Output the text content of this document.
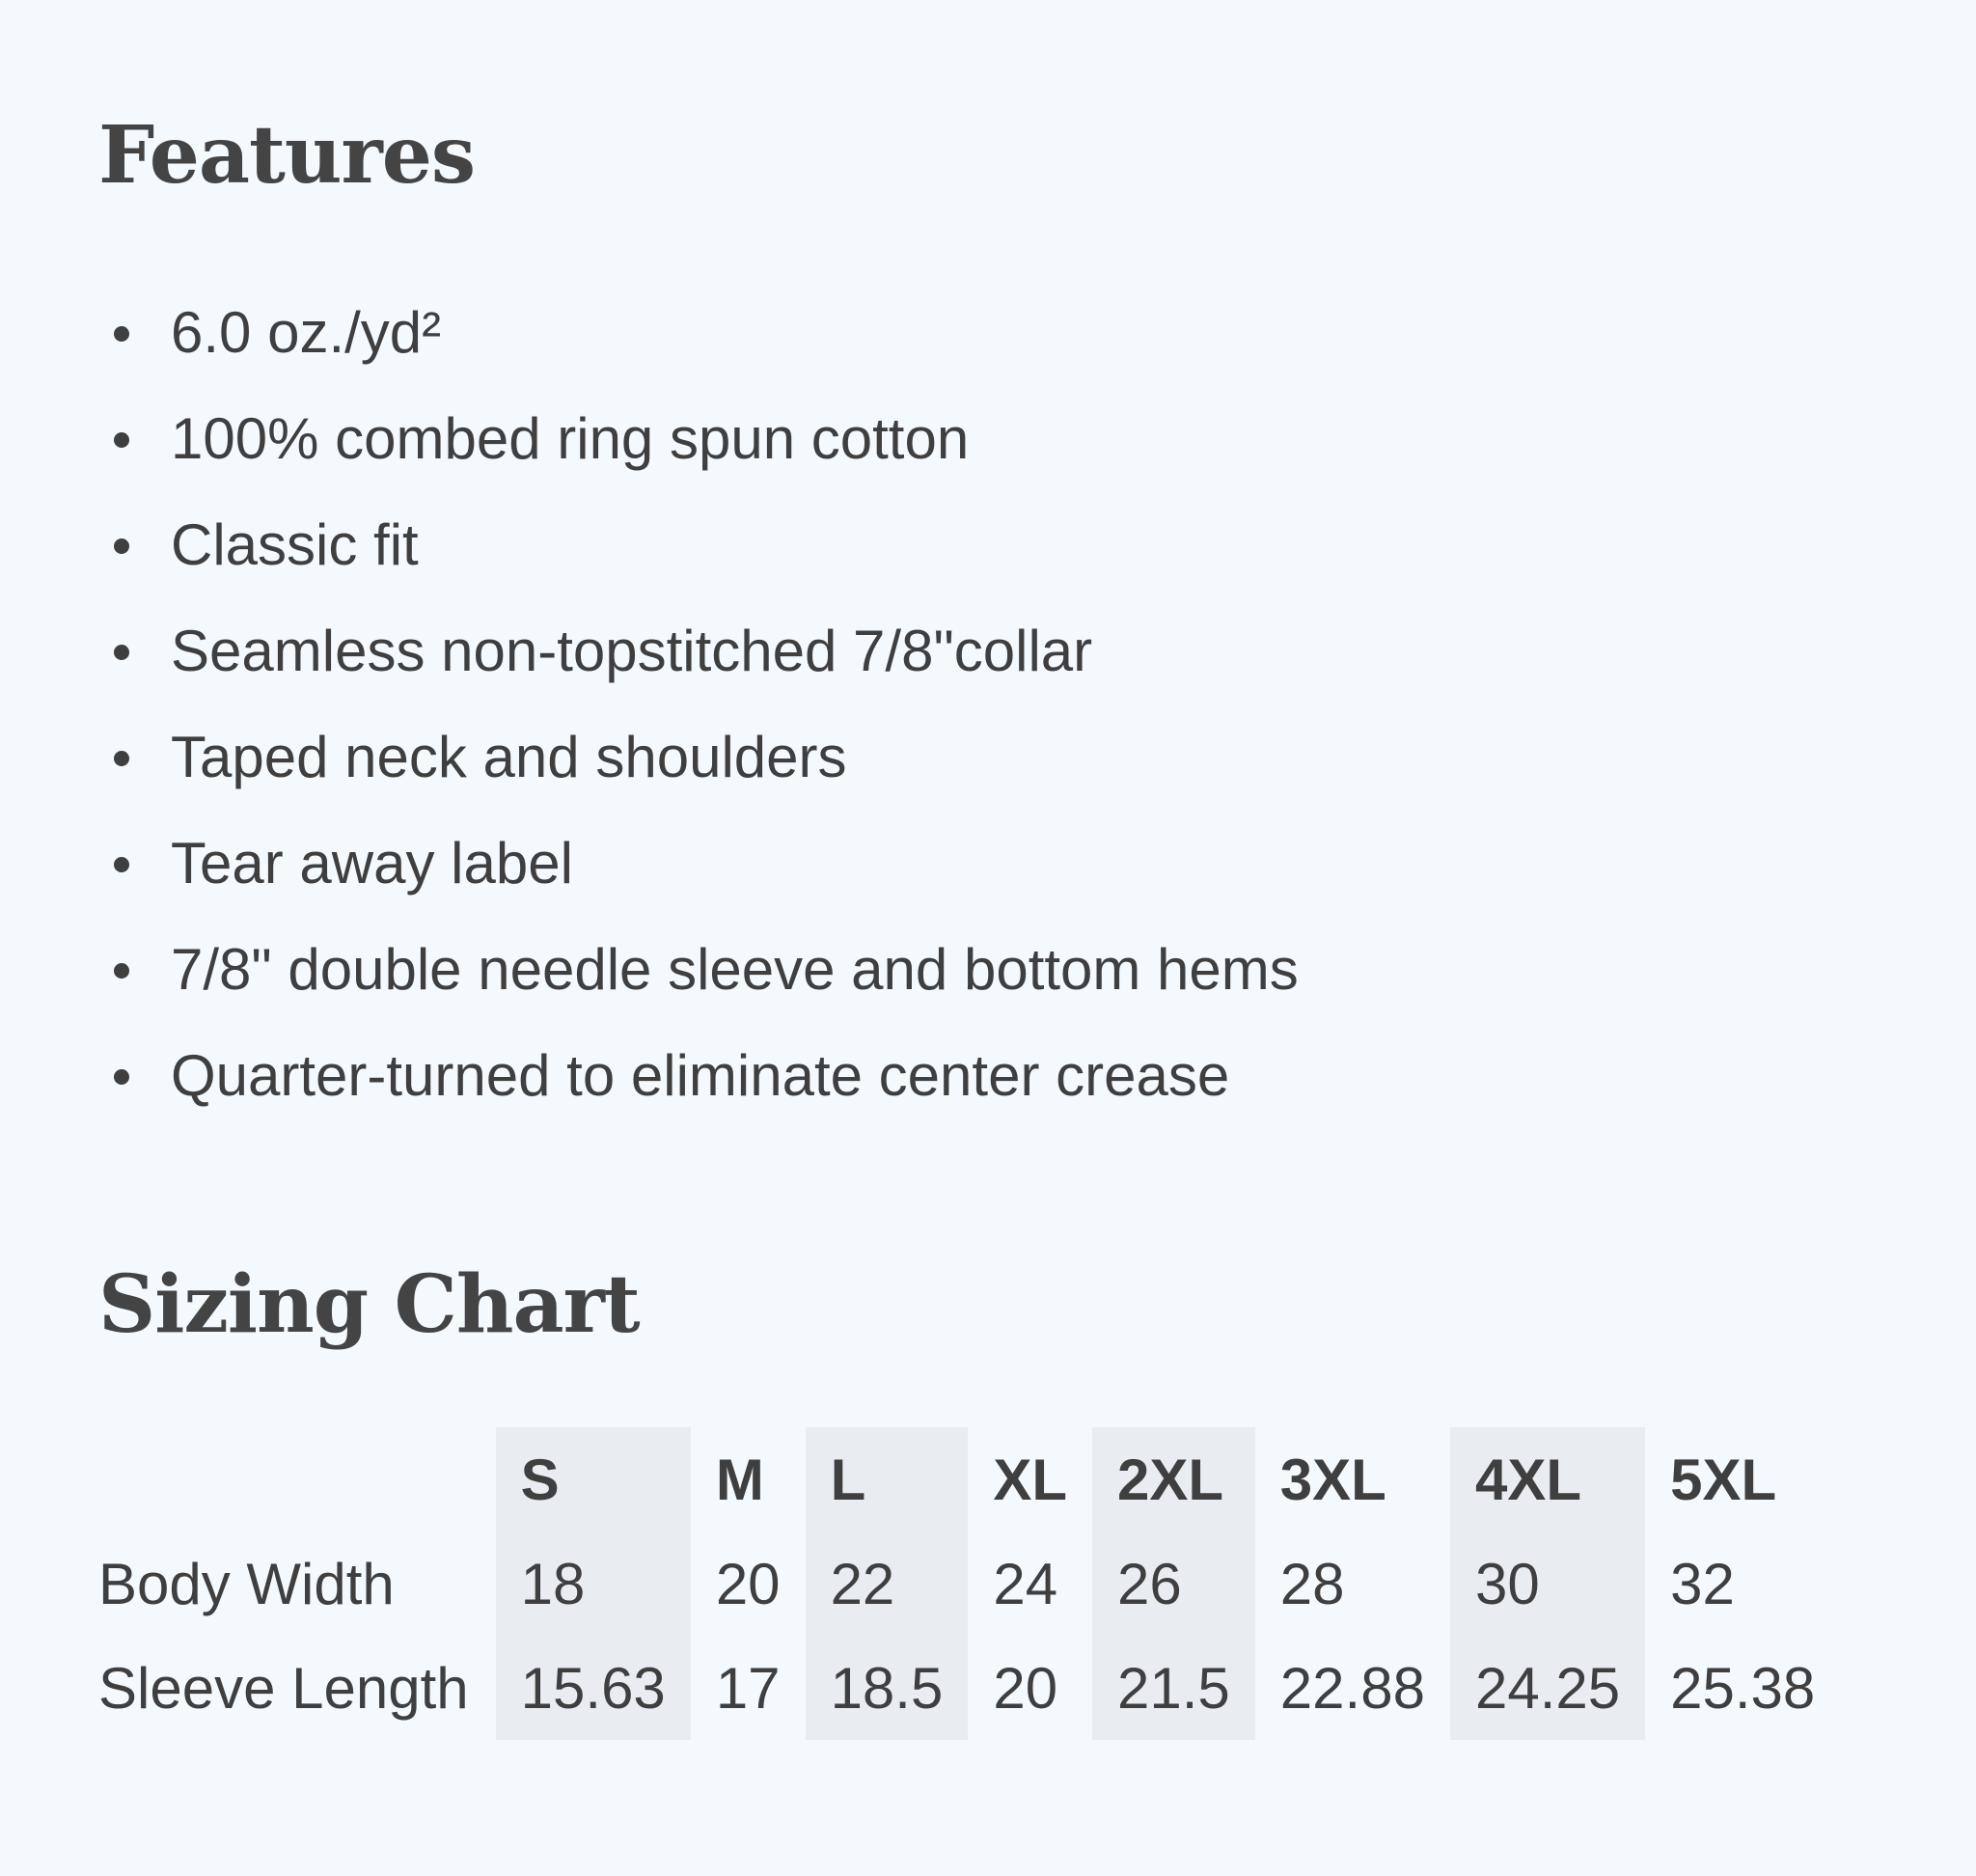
Features
6.0 oz./yd²
100% combed ring spun cotton
Classic fit
Seamless non-topstitched 7/8"collar
Taped neck and shoulders
Tear away label
7/8" double needle sleeve and bottom hems
Quarter-turned to eliminate center crease
Sizing Chart
	S	M	L	XL	2XL	3XL	4XL	5XL
Body Width	18	20	22	24	26	28	30	32
Sleeve Length	15.63	17	18.5	20	21.5	22.88	24.25	25.38
